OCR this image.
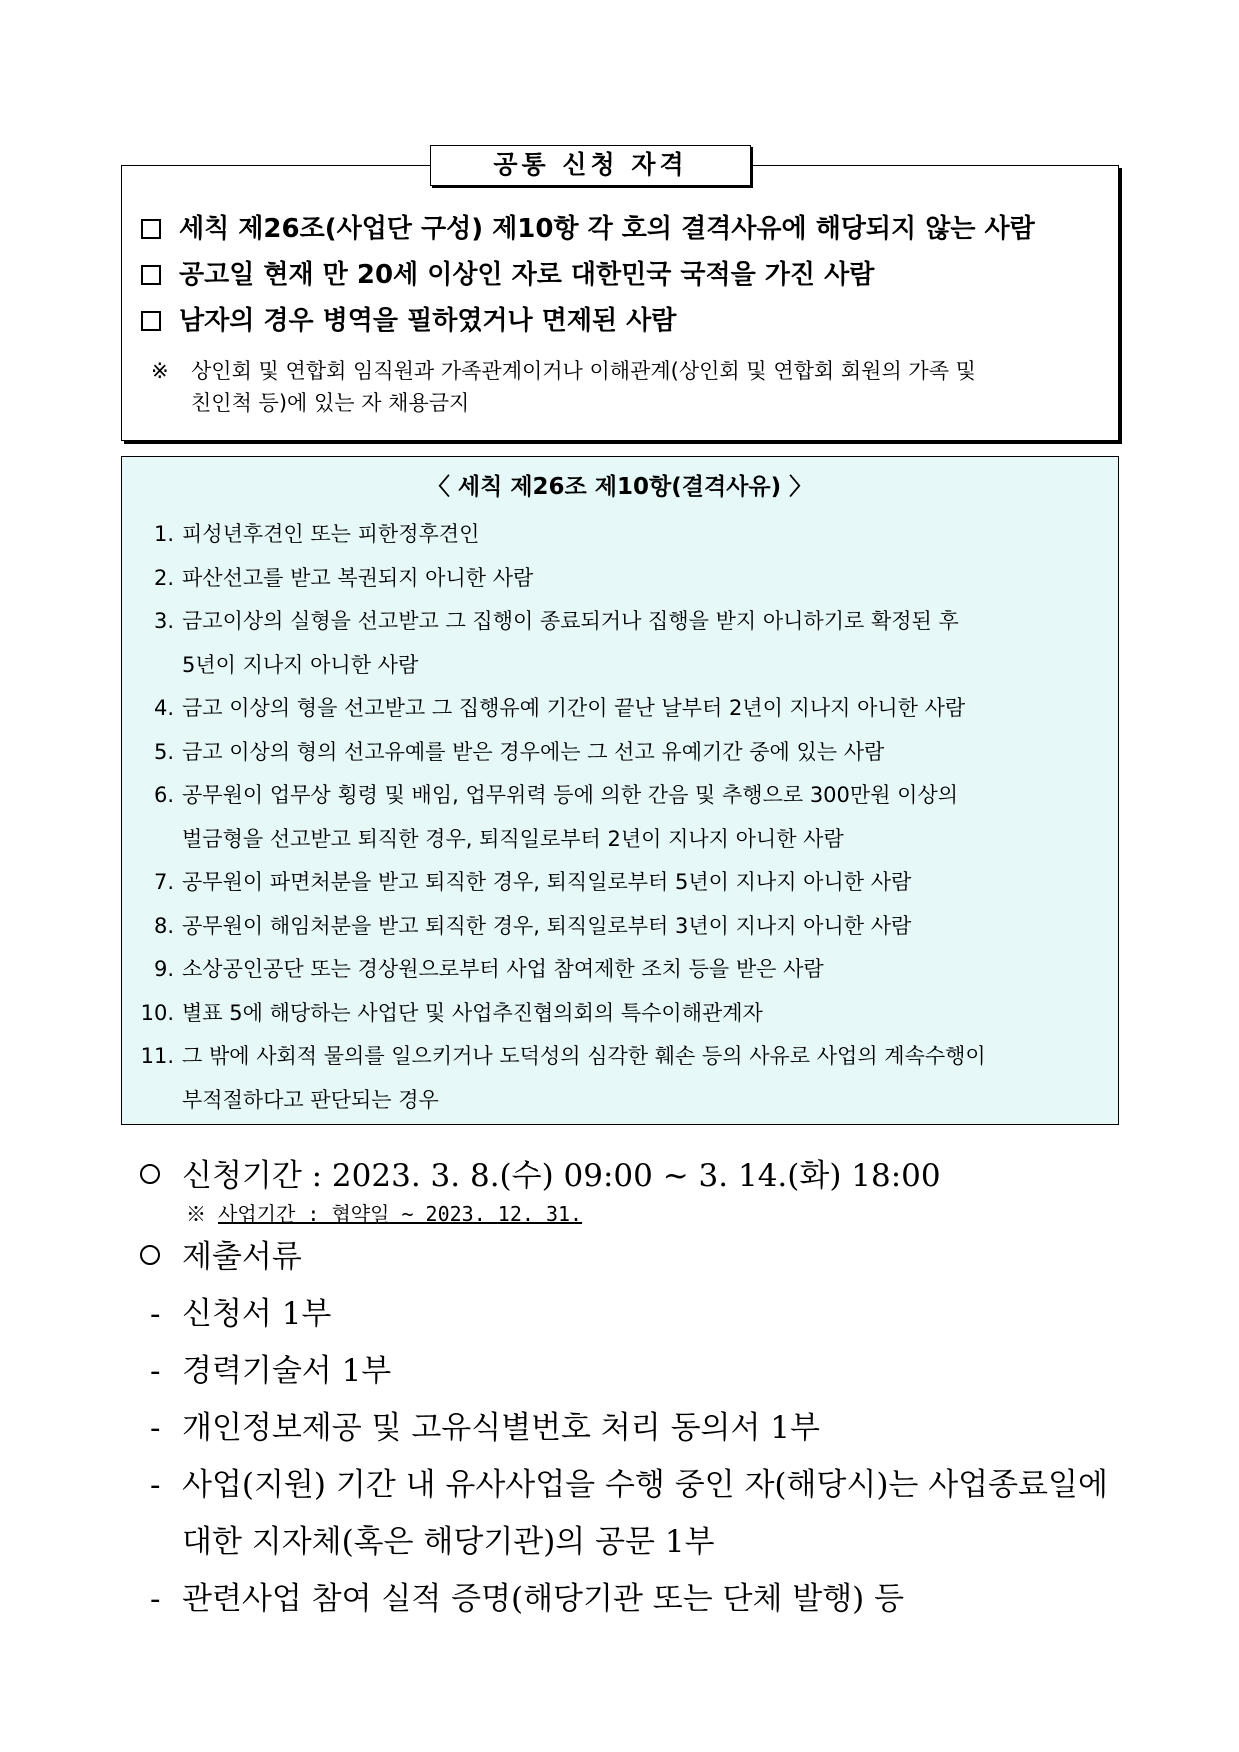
공통 신청 자격
세칙 제26조(사업단 구성) 제10항 각 호의 결격사유에 해당되지 않는 사람
공고일 현재 만 20세 이상인 자로 대한민국 국적을 가진 사람
남자의 경우 병역을 필하였거나 면제된 사람
※ 상인회 및 연합회 임직원과 가족관계이거나 이해관계(상인회 및 연합회 회원의 가족 및
친인척 등)에 있는 자 채용금지
〈 세칙 제26조 제10항(결격사유) 〉
1. 피성년후견인 또는 피한정후견인
2. 파산선고를 받고 복권되지 아니한 사람
3. 금고이상의 실형을 선고받고 그 집행이 종료되거나 집행을 받지 아니하기로 확정된 후
5년이 지나지 아니한 사람
4. 금고 이상의 형을 선고받고 그 집행유예 기간이 끝난 날부터 2년이 지나지 아니한 사람
5. 금고 이상의 형의 선고유예를 받은 경우에는 그 선고 유예기간 중에 있는 사람
6. 공무원이 업무상 횡령 및 배임, 업무위력 등에 의한 간음 및 추행으로 300만원 이상의
벌금형을 선고받고 퇴직한 경우, 퇴직일로부터 2년이 지나지 아니한 사람
7. 공무원이 파면처분을 받고 퇴직한 경우, 퇴직일로부터 5년이 지나지 아니한 사람
8. 공무원이 해임처분을 받고 퇴직한 경우, 퇴직일로부터 3년이 지나지 아니한 사람
9. 소상공인공단 또는 경상원으로부터 사업 참여제한 조치 등을 받은 사람
10. 별표 5에 해당하는 사업단 및 사업추진협의회의 특수이해관계자
11. 그 밖에 사회적 물의를 일으키거나 도덕성의 심각한 훼손 등의 사유로 사업의 계속수행이
부적절하다고 판단되는 경우
신청기간 : 2023. 3. 8.(수) 09:00 ~ 3. 14.(화) 18:00
※ 사업기간 : 협약일 ~ 2023. 12. 31.
제출서류
- 신청서 1부
- 경력기술서 1부
- 개인정보제공 및 고유식별번호 처리 동의서 1부
- 사업(지원) 기간 내 유사사업을 수행 중인 자(해당시)는 사업종료일에
대한 지자체(혹은 해당기관)의 공문 1부
- 관련사업 참여 실적 증명(해당기관 또는 단체 발행) 등
